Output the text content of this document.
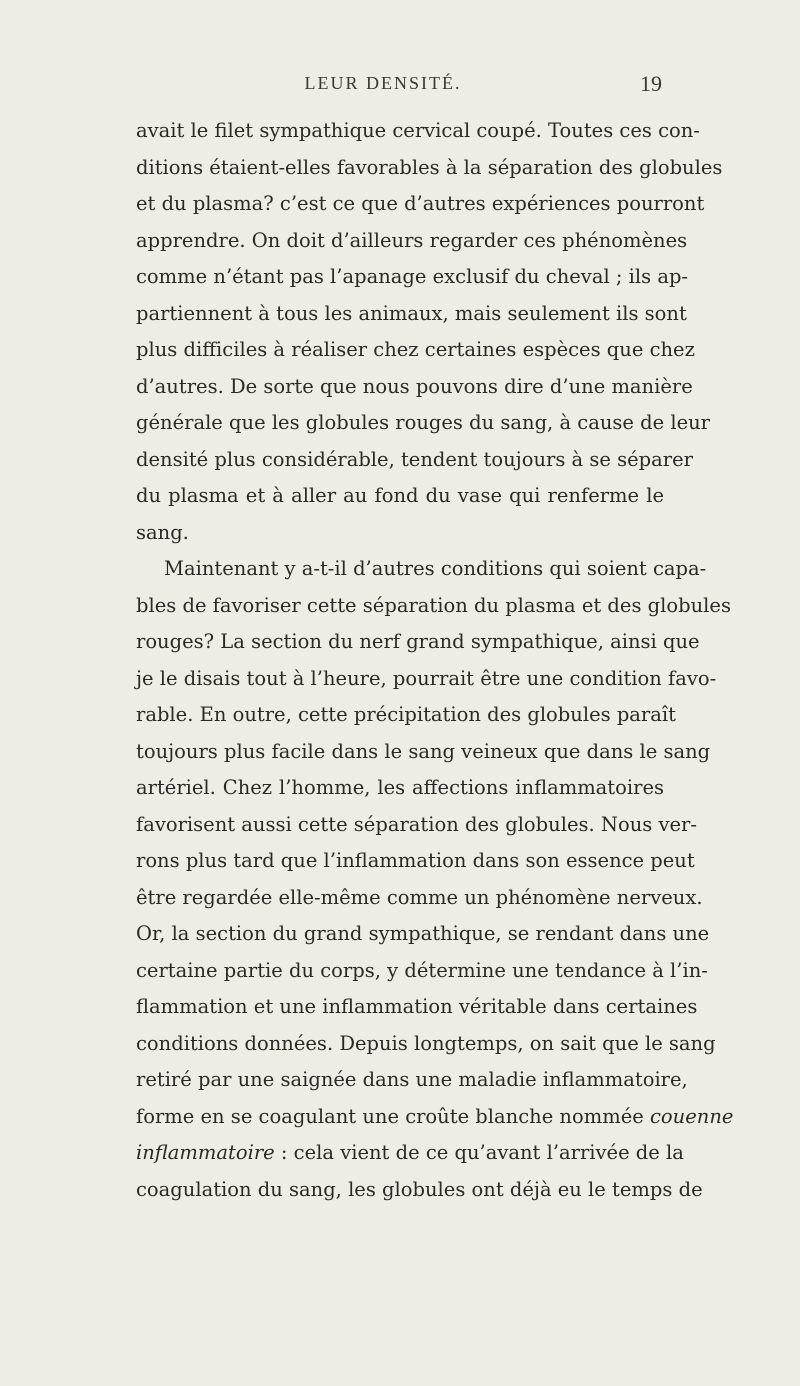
LEUR DENSITÉ.	19
avait le filet sympathique cervical coupé. Toutes ces con-
ditions étaient-elles favorables à la séparation des globules
et du plasma? c’est ce que d’autres expériences pourront
apprendre. On doit d’ailleurs regarder ces phénomènes
comme n’étant pas l’apanage exclusif du cheval ; ils ap-
partiennent à tous les animaux, mais seulement ils sont
plus difficiles à réaliser chez certaines espèces que chez
d’autres. De sorte que nous pouvons dire d’une manière
générale que les globules rouges du sang, à cause de leur
densité plus considérable, tendent toujours à se séparer
du plasma et à aller au fond du vase qui renferme le
sang.
Maintenant y a-t-il d’autres conditions qui soient capa-
bles de favoriser cette séparation du plasma et des globules
rouges? La section du nerf grand sympathique, ainsi que
je le disais tout à l’heure, pourrait être une condition favo-
rable. En outre, cette précipitation des globules paraît
toujours plus facile dans le sang veineux que dans le sang
artériel. Chez l’homme, les affections inflammatoires
favorisent aussi cette séparation des globules. Nous ver-
rons plus tard que l’inflammation dans son essence peut
être regardée elle-même comme un phénomène nerveux.
Or, la section du grand sympathique, se rendant dans une
certaine partie du corps, y détermine une tendance à l’in-
flammation et une inflammation véritable dans certaines
conditions données. Depuis longtemps, on sait que le sang
retiré par une saignée dans une maladie inflammatoire,
forme en se coagulant une croûte blanche nommée couenne
inflammatoire : cela vient de ce qu’avant l’arrivée de la
coagulation du sang, les globules ont déjà eu le temps de
